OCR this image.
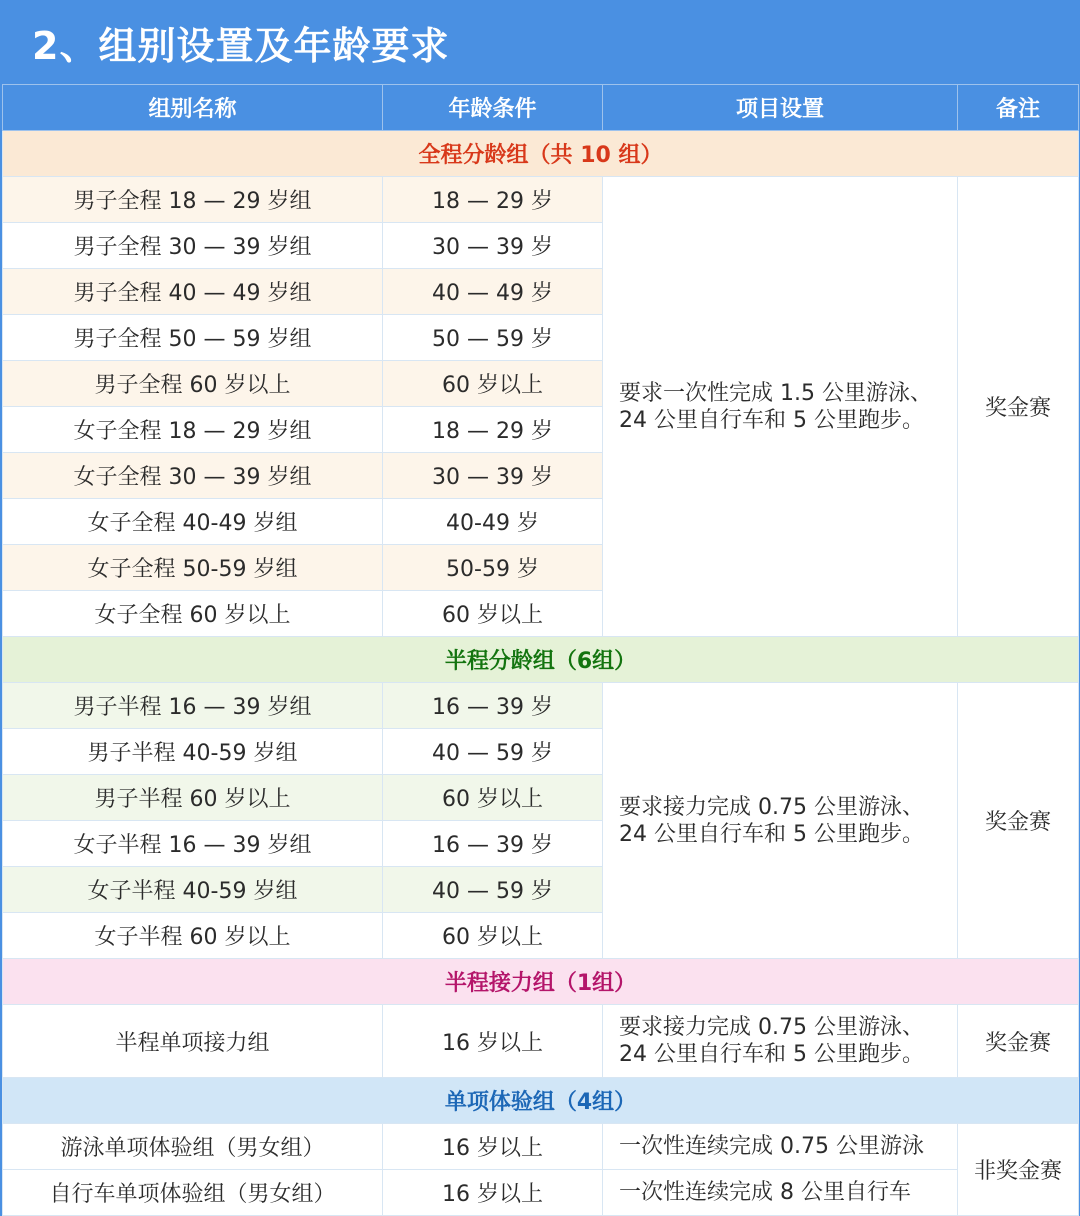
2、组别设置及年龄要求
组别名称	年龄条件	项目设置	备注
全程分龄组（共 10 组）			
男子全程 18 — 29 岁组	18 — 29 岁	要求一次性完成 1.5 公里游泳、
24 公里自行车和 5 公里跑步。	奖金赛
男子全程 30 — 39 岁组	30 — 39 岁		
男子全程 40 — 49 岁组	40 — 49 岁		
男子全程 50 — 59 岁组	50 — 59 岁		
男子全程 60 岁以上	60 岁以上		
女子全程 18 — 29 岁组	18 — 29 岁		
女子全程 30 — 39 岁组	30 — 39 岁		
女子全程 40-49 岁组	40-49 岁		
女子全程 50-59 岁组	50-59 岁		
女子全程 60 岁以上	60 岁以上		
半程分龄组（6组）			
男子半程 16 — 39 岁组	16 — 39 岁	要求接力完成 0.75 公里游泳、
24 公里自行车和 5 公里跑步。	奖金赛
男子半程 40-59 岁组	40 — 59 岁		
男子半程 60 岁以上	60 岁以上		
女子半程 16 — 39 岁组	16 — 39 岁		
女子半程 40-59 岁组	40 — 59 岁		
女子半程 60 岁以上	60 岁以上		
半程接力组（1组）			
半程单项接力组	16 岁以上	要求接力完成 0.75 公里游泳、
24 公里自行车和 5 公里跑步。	奖金赛
单项体验组（4组）			
游泳单项体验组（男女组）	16 岁以上	一次性连续完成 0.75 公里游泳	非奖金赛
自行车单项体验组（男女组）	16 岁以上	一次性连续完成 8 公里自行车	
